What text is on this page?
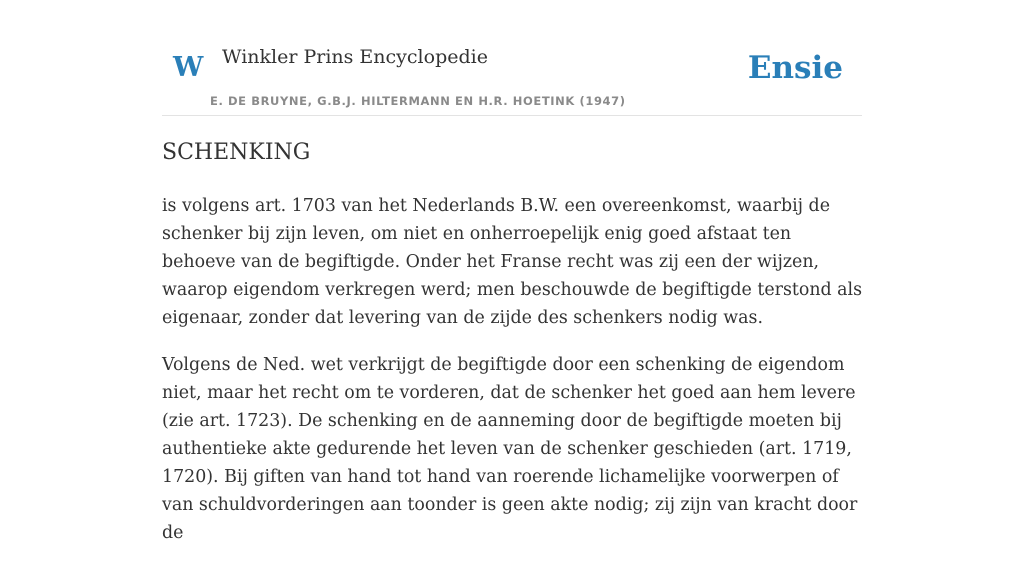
W Winkler Prins Encyclopedie	Ensie
E. DE BRUYNE, G.B.J. HILTERMANN EN H.R. HOETINK (1947)
SCHENKING

is volgens art. 1703 van het Nederlands B.W. een overeenkomst, waarbij de schenker bij zijn leven, om niet en onherroepelijk enig goed afstaat ten behoeve van de begiftigde. Onder het Franse recht was zij een der wijzen, waarop eigendom verkregen werd; men beschouwde de begiftigde terstond als eigenaar, zonder dat levering van de zijde des schenkers nodig was.

Volgens de Ned. wet verkrijgt de begiftigde door een schenking de eigendom niet, maar het recht om te vorderen, dat de schenker het goed aan hem levere (zie art. 1723). De schenking en de aanneming door de begiftigde moeten bij authentieke akte gedurende het leven van de schenker geschieden (art. 1719, 1720). Bij giften van hand tot hand van roerende lichamelijke voorwerpen of van schuldvorderingen aan toonder is geen akte nodig; zij zijn van kracht door de
